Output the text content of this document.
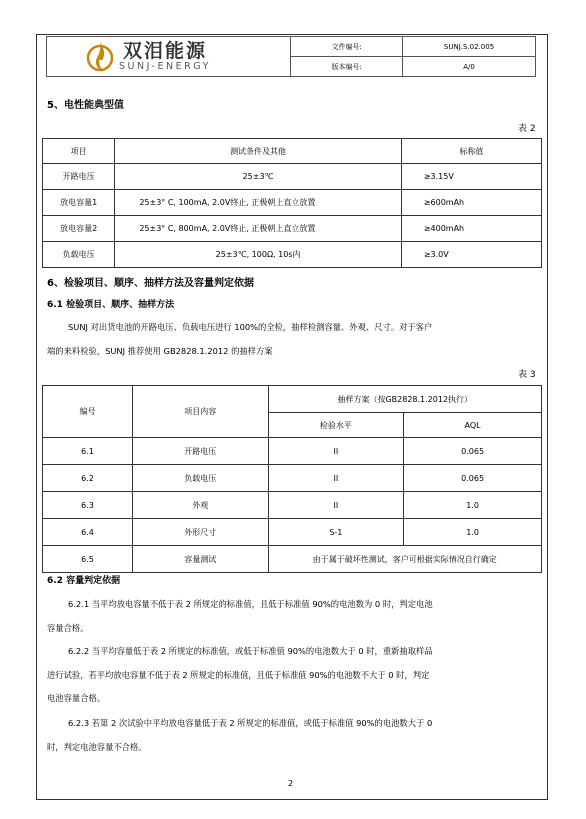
双泪能源
SUNJ-ENERGY	文件编号:	SUNJ.S.02.005
	版本编号:	A/0
5、电性能典型值
表 2
项目	测试条件及其他	标称值
开路电压	25±3℃	≥3.15V
放电容量1	25±3° C, 100mA, 2.0V终止, 正极朝上直立放置	≥600mAh
放电容量2	25±3° C, 800mA, 2.0V终止, 正极朝上直立放置	≥400mAh
负载电压	25±3℃, 100Ω, 10s内	≥3.0V
6、检验项目、顺序、抽样方法及容量判定依据
6.1 检验项目、顺序、抽样方法
SUNJ 对出货电池的开路电压、负载电压进行 100%的全检，抽样检测容量、外观、尺寸。对于客户
端的来料检验，SUNJ 推荐使用 GB2828.1.2012 的抽样方案
表 3
编号	项目内容	抽样方案（按GB2828.1.2012执行）	
		检验水平	AQL
6.1	开路电压	II	0.065
6.2	负载电压	II	0.065
6.3	外观	II	1.0
6.4	外形尺寸	S-1	1.0
6.5	容量测试	由于属于破坏性测试，客户可根据实际情况自行确定	
6.2 容量判定依据
6.2.1 当平均放电容量不低于表 2 所规定的标准值，且低于标准值 90%的电池数为 0 时，判定电池
容量合格。
6.2.2 当平均容量低于表 2 所规定的标准值，或低于标准值 90%的电池数大于 0 时，重新抽取样品
进行试验，若平均放电容量不低于表 2 所规定的标准值，且低于标准值 90%的电池数不大于 0 时，判定
电池容量合格。
6.2.3 若第 2 次试验中平均放电容量低于表 2 所规定的标准值，或低于标准值 90%的电池数大于 0
时，判定电池容量不合格。
2
